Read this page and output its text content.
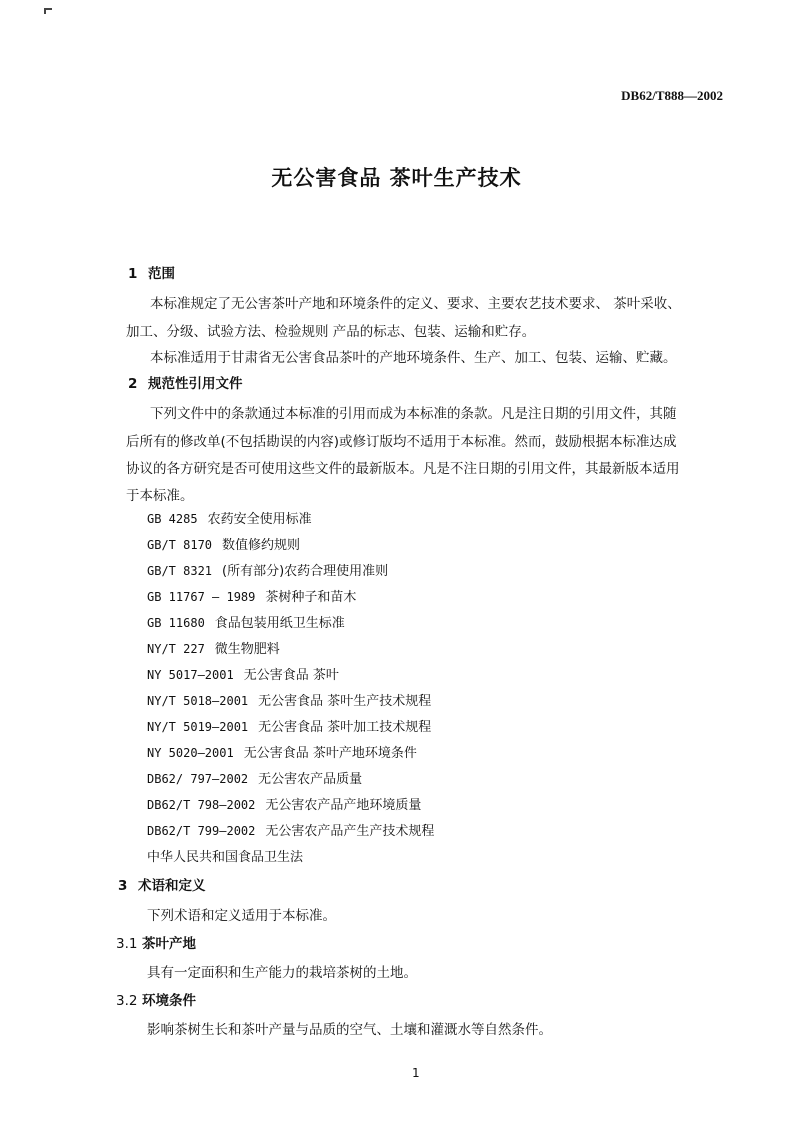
DB62/T888—2002
无公害食品 茶叶生产技术
1 范围
本标准规定了无公害茶叶产地和环境条件的定义、要求、主要农艺技术要求、 茶叶采收、
加工、分级、试验方法、检验规则 产品的标志、包装、运输和贮存。
本标准适用于甘肃省无公害食品茶叶的产地环境条件、生产、加工、包装、运输、贮藏。
2 规范性引用文件
下列文件中的条款通过本标准的引用而成为本标准的条款。凡是注日期的引用文件，其随
后所有的修改单(不包括勘误的内容)或修订版均不适用于本标准。然而，鼓励根据本标准达成
协议的各方研究是否可使用这些文件的最新版本。凡是不注日期的引用文件，其最新版本适用
于本标准。
GB 4285 农药安全使用标准
GB/T 8170 数值修约规则
GB/T 8321 (所有部分)农药合理使用准则
GB 11767 — 1989 茶树种子和苗木
GB 11680 食品包装用纸卫生标准
NY/T 227 微生物肥料
NY 5017—2001 无公害食品 茶叶
NY/T 5018—2001 无公害食品 茶叶生产技术规程
NY/T 5019—2001 无公害食品 茶叶加工技术规程
NY 5020—2001 无公害食品 茶叶产地环境条件
DB62/ 797—2002 无公害农产品质量
DB62/T 798—2002 无公害农产品产地环境质量
DB62/T 799—2002 无公害农产品产生产技术规程
中华人民共和国食品卫生法
3 术语和定义
下列术语和定义适用于本标准。
3.1 茶叶产地
具有一定面积和生产能力的栽培茶树的土地。
3.2 环境条件
影响茶树生长和茶叶产量与品质的空气、土壤和灌溉水等自然条件。
1
